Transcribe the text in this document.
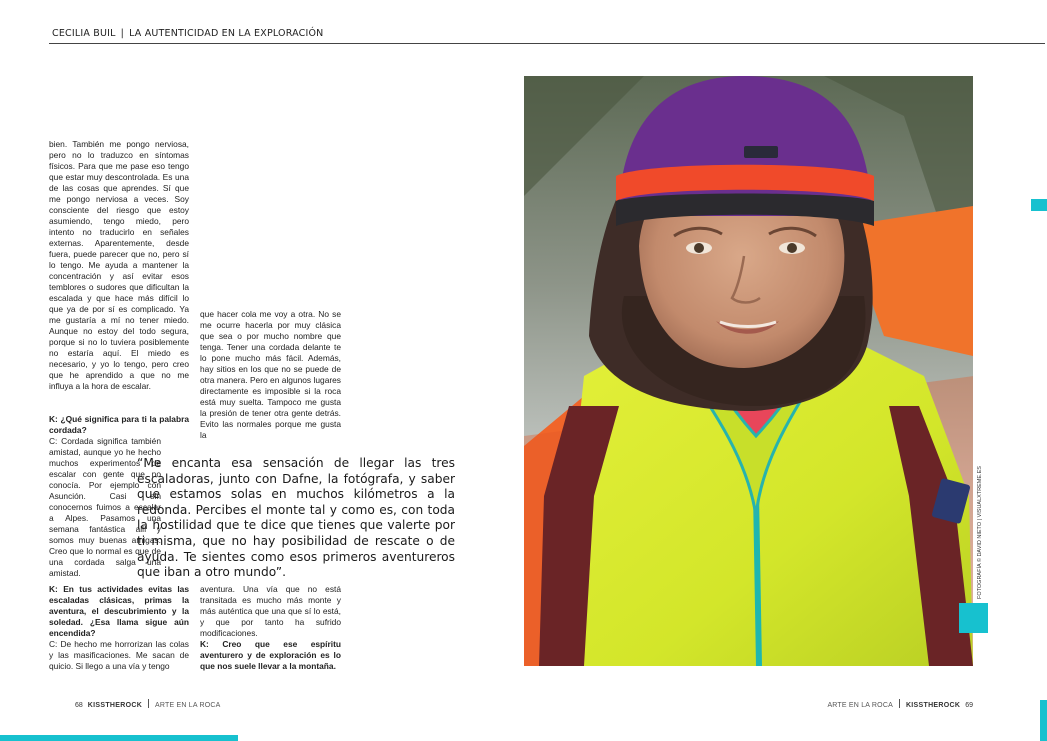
CECILIA BUIL | LA AUTENTICIDAD EN LA EXPLORACIÓN

bien. También me pongo nerviosa, pero no lo traduzco en síntomas físicos. Para que me pase eso tengo que estar muy descontrolada. Es una de las cosas que aprendes. Sí que me pongo nerviosa a veces. Soy consciente del riesgo que estoy asumiendo, tengo miedo, pero intento no traducirlo en señales externas. Aparentemente, desde fuera, puede parecer que no, pero sí lo tengo. Me ayuda a mantener la concentración y así evitar esos temblores o sudores que dificultan la escalada y que hace más difícil lo que ya de por sí es complicado. Ya me gustaría a mí no tener miedo. Aunque no estoy del todo segura, porque si no lo tuviera posiblemente no estaría aquí. El miedo es necesario, y yo lo tengo, pero creo que he aprendido a que no me influya a la hora de escalar.

K: ¿Qué significa para ti la palabra cordada?

C: Cordada significa también amistad, aunque yo he hecho muchos experimentos de escalar con gente que no conocía. Por ejemplo con Asunción. Casi sin conocernos fuimos a escalar a Alpes. Pasamos una semana fantástica allí y somos muy buenas amigas. Creo que lo normal es que de una cordada salga una amistad.

K: En tus actividades evitas las escaladas clásicas, primas la aventura, el descubrimiento y la soledad. ¿Esa llama sigue aún encendida?

C: De hecho me horrorizan las colas y las masificaciones. Me sacan de quicio. Si llego a una vía y tengo

que hacer cola me voy a otra. No se me ocurre hacerla por muy clásica que sea o por mucho nombre que tenga. Tener una cordada delante te lo pone mucho más fácil. Además, hay sitios en los que no se puede de otra manera. Pero en algunos lugares directamente es imposible si la roca está muy suelta. Tampoco me gusta la presión de tener otra gente detrás. Evito las normales porque me gusta la

aventura. Una vía que no está transitada es mucho más monte y más auténtica que una que sí lo está, y que por tanto ha sufrido modificaciones.

K: Creo que ese espíritu aventurero y de exploración es lo que nos suele llevar a la montaña.

“Me encanta esa sensación de llegar las tres escaladoras, junto con Dafne, la fotógrafa, y saber que estamos solas en muchos kilómetros a la redonda. Percibes el monte tal y como es, con toda la hostilidad que te dice que tienes que valerte por ti misma, que no hay posibilidad de rescate o de ayuda. Te sientes como esos primeros aventureros que iban a otro mundo”.	FOTOGRAFÍA © DAVID NIETO | VISUALXTREME.ES
68 KISSTHEROCK ARTE EN LA ROCA	ARTE EN LA ROCA KISSTHEROCK 69
